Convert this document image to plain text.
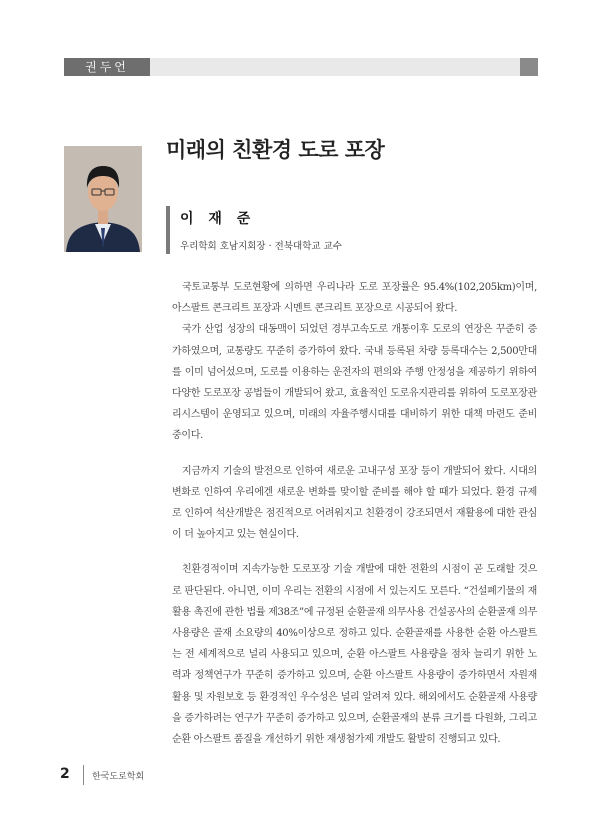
권두언
미래의 친환경 도로 포장
이 재 준
우리학회 호남지회장 · 전북대학교 교수

국토교통부 도로현황에 의하면 우리나라 도로 포장률은 95.4%(102,205km)이며, 아스팔트 콘크리트 포장과 시멘트 콘크리트 포장으로 시공되어 왔다.

국가 산업 성장의 대동맥이 되었던 경부고속도로 개통이후 도로의 연장은 꾸준히 증가하였으며, 교통량도 꾸준히 증가하여 왔다. 국내 등록된 차량 등록대수는 2,500만대를 이미 넘어섰으며, 도로를 이용하는 운전자의 편의와 주행 안정성을 제공하기 위하여 다양한 도로포장 공법들이 개발되어 왔고, 효율적인 도로유지관리를 위하여 도로포장관리시스템이 운영되고 있으며, 미래의 자율주행시대를 대비하기 위한 대책 마련도 준비 중이다.

지금까지 기술의 발전으로 인하여 새로운 고내구성 포장 등이 개발되어 왔다. 시대의 변화로 인하여 우리에겐 새로운 변화를 맞이할 준비를 해야 할 때가 되었다. 환경 규제로 인하여 석산개발은 점진적으로 어려워지고 친환경이 강조되면서 재활용에 대한 관심이 더 높아지고 있는 현실이다.

친환경적이며 지속가능한 도로포장 기술 개발에 대한 전환의 시점이 곧 도래할 것으로 판단된다. 아니면, 이미 우리는 전환의 시점에 서 있는지도 모른다. “건설폐기물의 재활용 촉진에 관한 법률 제38조”에 규정된 순환골재 의무사용 건설공사의 순환골재 의무사용량은 골재 소요량의 40%이상으로 정하고 있다. 순환골재를 사용한 순환 아스팔트는 전 세계적으로 널리 사용되고 있으며, 순환 아스팔트 사용량을 점차 늘리기 위한 노력과 정책연구가 꾸준히 증가하고 있으며, 순환 아스팔트 사용량이 증가하면서 자원재활용 및 자원보호 등 환경적인 우수성은 널리 알려져 있다. 해외에서도 순환골재 사용량을 증가하려는 연구가 꾸준히 증가하고 있으며, 순환골재의 분류 크기를 다원화, 그리고 순환 아스팔트 품질을 개선하기 위한 재생첨가제 개발도 활발히 진행되고 있다.

2 한국도로학회
